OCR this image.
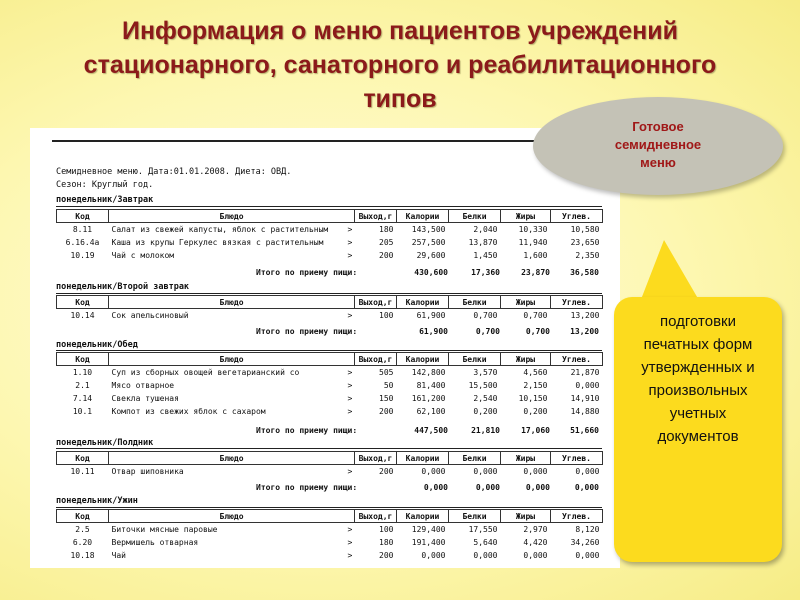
Информация о меню пациентов учреждений
стационарного, санаторного и реабилитационного
типов
Семидневное меню. Дата:01.01.2008. Диета: ОВД.
Сезон: Круглый год.
понедельник/Завтрак
Код	Блюдо		Выход,г	Калории	Белки	Жиры	Углев.
8.11	Салат из свежей капусты, яблок с растительным	>	180	143,500	2,040	10,330	10,580
6.16.4а	Каша из крупы Геркулес вязкая с растительным	>	205	257,500	13,870	11,940	23,650
10.19	Чай с молоком	>	200	29,600	1,450	1,600	2,350
Итого по приему пищи:	430,600	17,360	23,870	36,580
понедельник/Второй завтрак
Код	Блюдо		Выход,г	Калории	Белки	Жиры	Углев.
10.14	Сок апельсиновый	>	100	61,900	0,700	0,700	13,200
Итого по приему пищи:	61,900	0,700	0,700	13,200
понедельник/Обед
Код	Блюдо		Выход,г	Калории	Белки	Жиры	Углев.
1.10	Суп из сборных овощей вегетарианский со	>	505	142,800	3,570	4,560	21,870
2.1	Мясо отварное	>	50	81,400	15,500	2,150	0,000
7.14	Свекла тушеная	>	150	161,200	2,540	10,150	14,910
10.1	Компот из свежих яблок с сахаром	>	200	62,100	0,200	0,200	14,880
Итого по приему пищи:	447,500	21,810	17,060	51,660
понедельник/Полдник
Код	Блюдо		Выход,г	Калории	Белки	Жиры	Углев.
10.11	Отвар шиповника	>	200	0,000	0,000	0,000	0,000
Итого по приему пищи:	0,000	0,000	0,000	0,000
понедельник/Ужин
Код	Блюдо		Выход,г	Калории	Белки	Жиры	Углев.
2.5	Биточки мясные паровые	>	100	129,400	17,550	2,970	8,120
6.20	Вермишель отварная	>	180	191,400	5,640	4,420	34,260
10.18	Чай	>	200	0,000	0,000	0,000	0,000
Готовое
семидневное
меню
подготовки
печатных форм
утвержденных и
произвольных
учетных
документов
